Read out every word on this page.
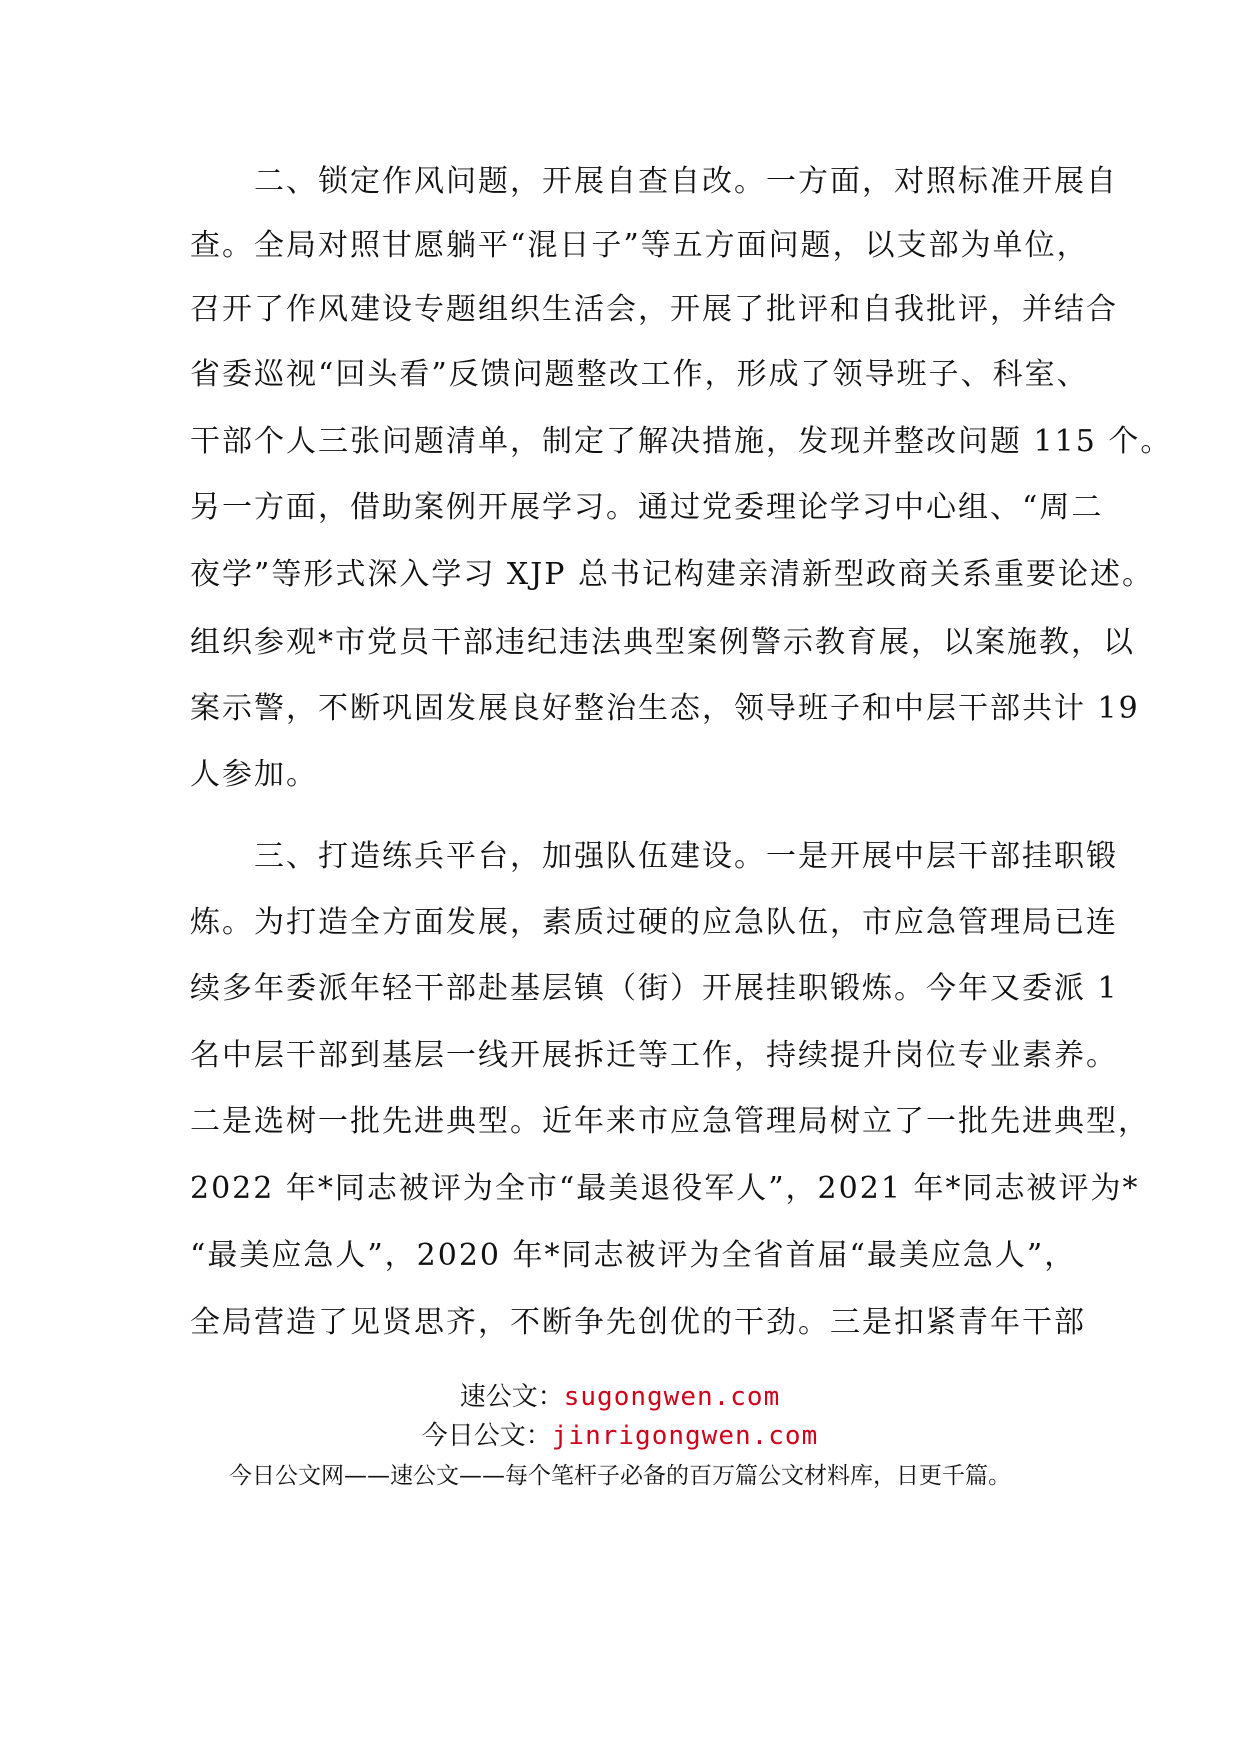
　　二、锁定作风问题，开展自查自改。一方面，对照标准开展自
查。全局对照甘愿躺平“混日子”等五方面问题，以支部为单位，
召开了作风建设专题组织生活会，开展了批评和自我批评，并结合
省委巡视“回头看”反馈问题整改工作，形成了领导班子、科室、
干部个人三张问题清单，制定了解决措施，发现并整改问题 115 个。
另一方面，借助案例开展学习。通过党委理论学习中心组、“周二
夜学”等形式深入学习 XJP 总书记构建亲清新型政商关系重要论述。
组织参观*市党员干部违纪违法典型案例警示教育展，以案施教，以
案示警，不断巩固发展良好整治生态，领导班子和中层干部共计 19
人参加。
　　三、打造练兵平台，加强队伍建设。一是开展中层干部挂职锻
炼。为打造全方面发展，素质过硬的应急队伍，市应急管理局已连
续多年委派年轻干部赴基层镇（街）开展挂职锻炼。今年又委派 1
名中层干部到基层一线开展拆迁等工作，持续提升岗位专业素养。
二是选树一批先进典型。近年来市应急管理局树立了一批先进典型，
2022 年*同志被评为全市“最美退役军人”，2021 年*同志被评为*
“最美应急人”，2020 年*同志被评为全省首届“最美应急人”，
全局营造了见贤思齐，不断争先创优的干劲。三是扣紧青年干部
速公文：sugongwen.com
今日公文：jinrigongwen.com
今日公文网——速公文——每个笔杆子必备的百万篇公文材料库，日更千篇。
